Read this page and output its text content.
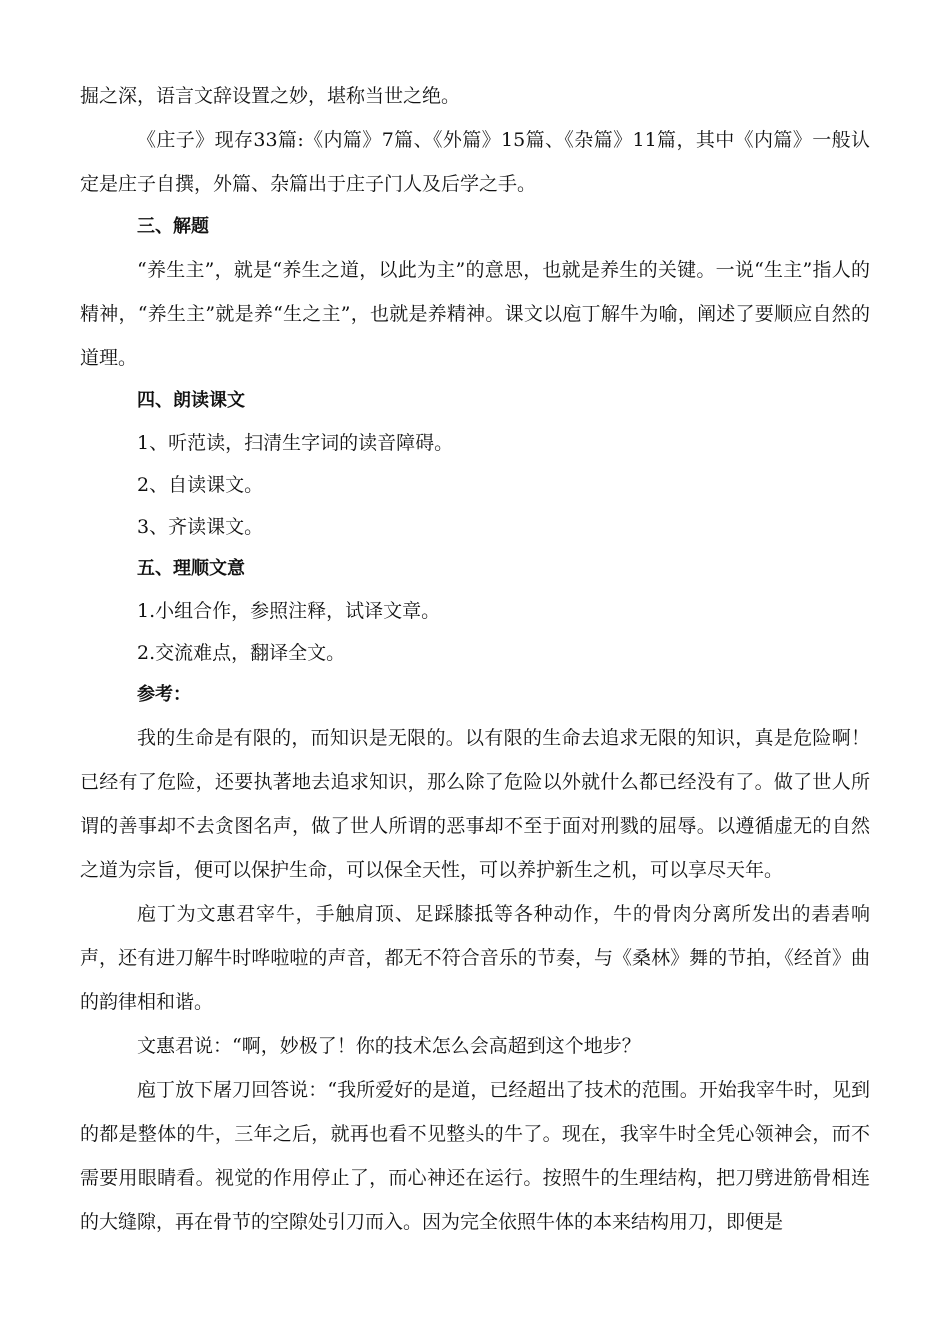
掘之深，语言文辞设置之妙，堪称当世之绝。

《庄子》现存33篇:《内篇》7篇、《外篇》15篇、《杂篇》11篇，其中《内篇》一般认定是庄子自撰，外篇、杂篇出于庄子门人及后学之手。

三、解题

“养生主”，就是“养生之道，以此为主”的意思，也就是养生的关键。一说“生主”指人的精神，“养生主”就是养“生之主”，也就是养精神。课文以庖丁解牛为喻，阐述了要顺应自然的道理。

四、朗读课文

1、听范读，扫清生字词的读音障碍。

2、自读课文。

3、齐读课文。

五、理顺文意

1.小组合作，参照注释，试译文章。

2.交流难点，翻译全文。

参考：

我的生命是有限的，而知识是无限的。以有限的生命去追求无限的知识，真是危险啊！已经有了危险，还要执著地去追求知识，那么除了危险以外就什么都已经没有了。做了世人所谓的善事却不去贪图名声，做了世人所谓的恶事却不至于面对刑戮的屈辱。以遵循虚无的自然之道为宗旨，便可以保护生命，可以保全天性，可以养护新生之机，可以享尽天年。

庖丁为文惠君宰牛，手触肩顶、足踩膝抵等各种动作，牛的骨肉分离所发出的砉砉响声，还有进刀解牛时哗啦啦的声音，都无不符合音乐的节奏，与《桑林》舞的节拍，《经首》曲的韵律相和谐。

文惠君说：“啊，妙极了！你的技术怎么会高超到这个地步？

庖丁放下屠刀回答说：“我所爱好的是道，已经超出了技术的范围。开始我宰牛时，见到的都是整体的牛，三年之后，就再也看不见整头的牛了。现在，我宰牛时全凭心领神会，而不需要用眼睛看。视觉的作用停止了，而心神还在运行。按照牛的生理结构，把刀劈进筋骨相连的大缝隙，再在骨节的空隙处引刀而入。因为完全依照牛体的本来结构用刀，即便是
